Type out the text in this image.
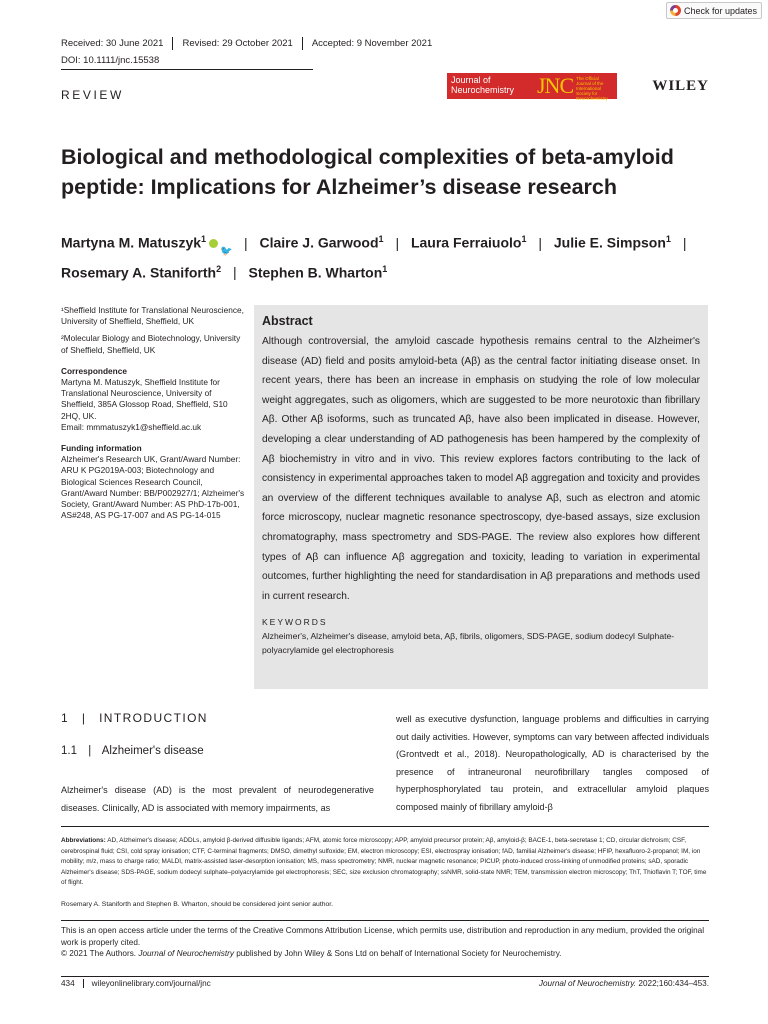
Check for updates
Received: 30 June 2021	Revised: 29 October 2021	Accepted: 9 November 2021
DOI: 10.1111/jnc.15538
REVIEW
Journal of
Neurochemistry	JNC The Official Journal of the International Society for Neurochemistry
WILEY
Biological and methodological complexities of beta-amyloid
peptide: Implications for Alzheimer’s disease research
Martyna M. Matuszyk$^1$🐦 | Claire J. Garwood$^1$ | Laura Ferraiuolo$^1$ | Julie E. Simpson$^1$ |
Rosemary A. Staniforth$^2$ | Stephen B. Wharton$^1$

¹Sheffield Institute for Translational Neuroscience, University of Sheffield, Sheffield, UK

²Molecular Biology and Biotechnology, University of Sheffield, Sheffield, UK

Correspondence

Martyna M. Matuszyk, Sheffield Institute for Translational Neuroscience, University of Sheffield, 385A Glossop Road, Sheffield, S10 2HQ, UK.

Email: mmmatuszyk1@sheffield.ac.uk

Funding information

Alzheimer's Research UK, Grant/Award Number: ARU K PG2019A-003; Biotechnology and Biological Sciences Research Council, Grant/Award Number: BB/P002927/1; Alzheimer's Society, Grant/Award Number: AS PhD-17b-001, AS#248, AS PG-17-007 and AS PG-14-015

Abstract
Although controversial, the amyloid cascade hypothesis remains central to the Alzheimer's disease (AD) field and posits amyloid-beta (Aβ) as the central factor initiating disease onset. In recent years, there has been an increase in emphasis on studying the role of low molecular weight aggregates, such as oligomers, which are suggested to be more neurotoxic than fibrillary Aβ. Other Aβ isoforms, such as truncated Aβ, have also been implicated in disease. However, developing a clear understanding of AD pathogenesis has been hampered by the complexity of Aβ biochemistry in vitro and in vivo. This review explores factors contributing to the lack of consistency in experimental approaches taken to model Aβ aggregation and toxicity and provides an overview of the different techniques available to analyse Aβ, such as electron and atomic force microscopy, nuclear magnetic resonance spectroscopy, dye-based assays, size exclusion chromatography, mass spectrometry and SDS-PAGE. The review also explores how different types of Aβ can influence Aβ aggregation and toxicity, leading to variation in experimental outcomes, further highlighting the need for standardisation in Aβ preparations and methods used in current research.
KEYWORDS
Alzheimer's, Alzheimer's disease, amyloid beta, Aβ, fibrils, oligomers, SDS-PAGE, sodium dodecyl Sulphate-polyacrylamide gel electrophoresis
1 | INTRODUCTION
1.1 | Alzheimer's disease
Alzheimer's disease (AD) is the most prevalent of neurodegenerative diseases. Clinically, AD is associated with memory impairments, as
well as executive dysfunction, language problems and difficulties in carrying out daily activities. However, symptoms can vary between affected individuals (Grontvedt et al., 2018). Neuropathologically, AD is characterised by the presence of intraneuronal neurofibrillary tangles composed of hyperphosphorylated tau protein, and extracellular amyloid plaques composed mainly of fibrillary amyloid-β
Abbreviations: AD, Alzheimer's disease; ADDLs, amyloid β-derived diffusible ligands; AFM, atomic force microscopy; APP, amyloid precursor protein; Aβ, amyloid-β; BACE-1, beta-secretase 1; CD, circular dichroism; CSF, cerebrospinal fluid; CSI, cold spray ionisation; CTF, C-terminal fragments; DMSO, dimethyl sulfoxide; EM, electron microscopy; ESI, electrospray ionisation; fAD, familial Alzheimer's disease; HFIP, hexafluoro-2-propanol; IM, ion mobility; m/z, mass to charge ratio; MALDI, matrix-assisted laser-desorption ionisation; MS, mass spectrometry; NMR, nuclear magnetic resonance; PICUP, photo-induced cross-linking of unmodified proteins; sAD, sporadic Alzheimer's disease; SDS-PAGE, sodium dodecyl sulphate–polyacrylamide gel electrophoresis; SEC, size exclusion chromatography; ssNMR, solid-state NMR; TEM, transmission electron microscopy; ThT, Thioflavin T; TOF, time of flight.
Rosemary A. Staniforth and Stephen B. Wharton, should be considered joint senior author.
This is an open access article under the terms of the Creative Commons Attribution License, which permits use, distribution and reproduction in any medium, provided the original work is properly cited.
© 2021 The Authors. Journal of Neurochemistry published by John Wiley & Sons Ltd on behalf of International Society for Neurochemistry.
434	wileyonlinelibrary.com/journal/jnc	Journal of Neurochemistry. 2022;160:434–453.
